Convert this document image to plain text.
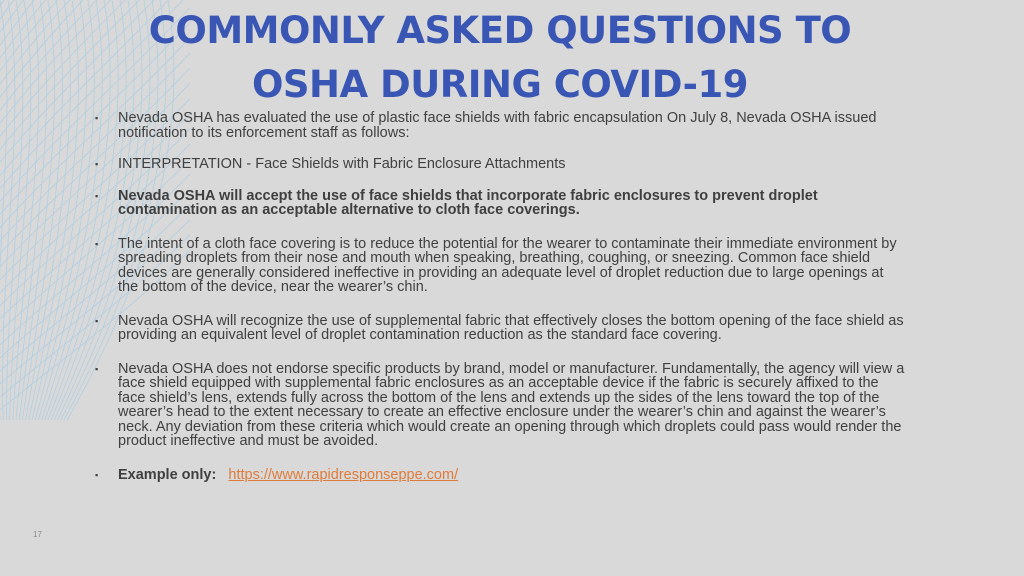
COMMONLY ASKED QUESTIONS TO
OSHA DURING COVID-19
▪ Nevada OSHA has evaluated the use of plastic face shields with fabric encapsulation On July 8, Nevada OSHA issued notification to its enforcement staff as follows:
▪ INTERPRETATION - Face Shields with Fabric Enclosure Attachments
▪ Nevada OSHA will accept the use of face shields that incorporate fabric enclosures to prevent droplet contamination as an acceptable alternative to cloth face coverings.
▪ The intent of a cloth face covering is to reduce the potential for the wearer to contaminate their immediate environment by spreading droplets from their nose and mouth when speaking, breathing, coughing, or sneezing. Common face shield devices are generally considered ineffective in providing an adequate level of droplet reduction due to large openings at the bottom of the device, near the wearer’s chin.
▪ Nevada OSHA will recognize the use of supplemental fabric that effectively closes the bottom opening of the face shield as providing an equivalent level of droplet contamination reduction as the standard face covering.
▪ Nevada OSHA does not endorse specific products by brand, model or manufacturer. Fundamentally, the agency will view a face shield equipped with supplemental fabric enclosures as an acceptable device if the fabric is securely affixed to the face shield’s lens, extends fully across the bottom of the lens and extends up the sides of the lens toward the top of the wearer’s head to the extent necessary to create an effective enclosure under the wearer’s chin and against the wearer’s neck. Any deviation from these criteria which would create an opening through which droplets could pass would render the product ineffective and must be avoided.
▪ Example only: https://www.rapidresponseppe.com/
17
